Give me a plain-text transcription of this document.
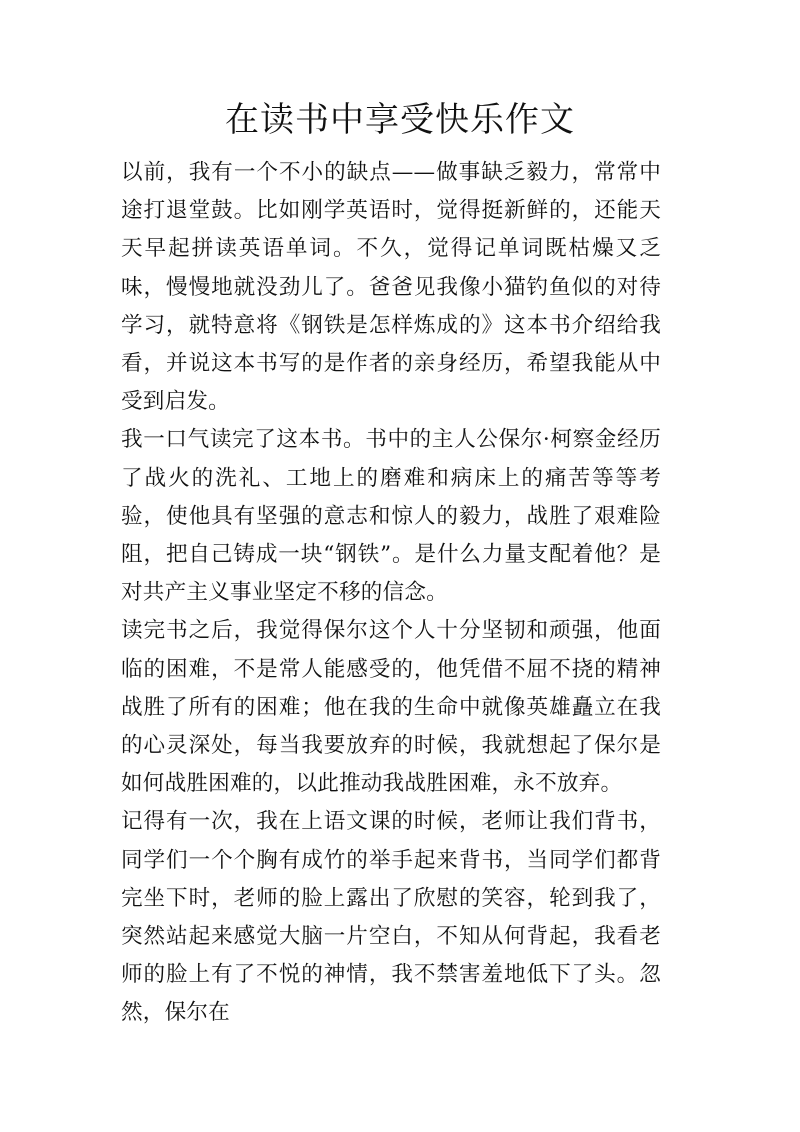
在读书中享受快乐作文

以前，我有一个不小的缺点——做事缺乏毅力，常常中途打退堂鼓。比如刚学英语时，觉得挺新鲜的，还能天天早起拼读英语单词。不久，觉得记单词既枯燥又乏味，慢慢地就没劲儿了。爸爸见我像小猫钓鱼似的对待学习，就特意将《钢铁是怎样炼成的》这本书介绍给我看，并说这本书写的是作者的亲身经历，希望我能从中受到启发。

我一口气读完了这本书。书中的主人公保尔·柯察金经历了战火的洗礼、工地上的磨难和病床上的痛苦等等考验，使他具有坚强的意志和惊人的毅力，战胜了艰难险阻，把自己铸成一块“钢铁”。是什么力量支配着他？是对共产主义事业坚定不移的信念。

读完书之后，我觉得保尔这个人十分坚韧和顽强，他面临的困难，不是常人能感受的，他凭借不屈不挠的精神战胜了所有的困难；他在我的生命中就像英雄矗立在我的心灵深处，每当我要放弃的时候，我就想起了保尔是如何战胜困难的，以此推动我战胜困难，永不放弃。

记得有一次，我在上语文课的时候，老师让我们背书，同学们一个个胸有成竹的举手起来背书，当同学们都背完坐下时，老师的脸上露出了欣慰的笑容，轮到我了，突然站起来感觉大脑一片空白，不知从何背起，我看老师的脸上有了不悦的神情，我不禁害羞地低下了头。忽然，保尔在
